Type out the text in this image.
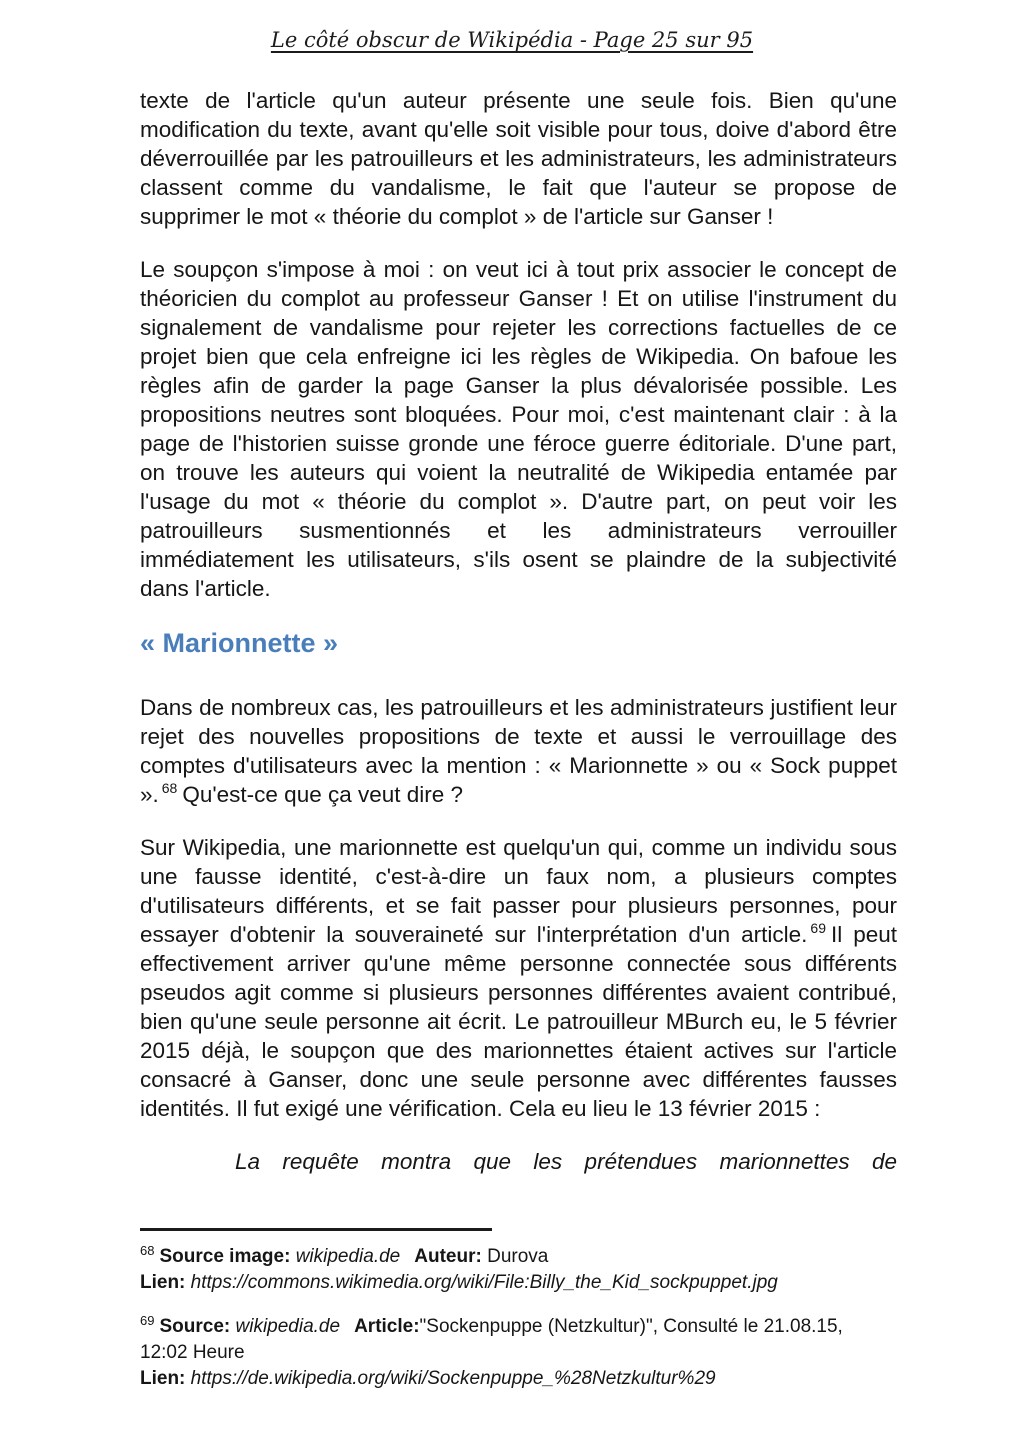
Le côté obscur de Wikipédia - Page 25 sur 95

texte de l'article qu'un auteur présente une seule fois. Bien qu'une modification du texte, avant qu'elle soit visible pour tous, doive d'abord être déverrouillée par les patrouilleurs et les administrateurs, les administrateurs classent comme du vandalisme, le fait que l'auteur se propose de supprimer le mot « théorie du complot » de l'article sur Ganser !

Le soupçon s'impose à moi : on veut ici à tout prix associer le concept de théoricien du complot au professeur Ganser ! Et on utilise l'instrument du signalement de vandalisme pour rejeter les corrections factuelles de ce projet bien que cela enfreigne ici les règles de Wikipedia. On bafoue les règles afin de garder la page Ganser la plus dévalorisée possible. Les propositions neutres sont bloquées. Pour moi, c'est maintenant clair : à la page de l'historien suisse gronde une féroce guerre éditoriale. D'une part, on trouve les auteurs qui voient la neutralité de Wikipedia entamée par l'usage du mot « théorie du complot ». D'autre part, on peut voir les patrouilleurs susmentionnés et les administrateurs verrouiller immédiatement les utilisateurs, s'ils osent se plaindre de la subjectivité dans l'article.

« Marionnette »

Dans de nombreux cas, les patrouilleurs et les administrateurs justifient leur rejet des nouvelles propositions de texte et aussi le verrouillage des comptes d'utilisateurs avec la mention : « Marionnette » ou « Sock puppet ». $^{68}$ Qu'est-ce que ça veut dire ?

Sur Wikipedia, une marionnette est quelqu'un qui, comme un individu sous une fausse identité, c'est-à-dire un faux nom, a plusieurs comptes d'utilisateurs différents, et se fait passer pour plusieurs personnes, pour essayer d'obtenir la souveraineté sur l'interprétation d'un article. $^{69}$ Il peut effectivement arriver qu'une même personne connectée sous différents pseudos agit comme si plusieurs personnes différentes avaient contribué, bien qu'une seule personne ait écrit. Le patrouilleur MBurch eu, le 5 février 2015 déjà, le soupçon que des marionnettes étaient actives sur l'article consacré à Ganser, donc une seule personne avec différentes fausses identités. Il fut exigé une vérification. Cela eu lieu le 13 février 2015 :

La requête montra que les prétendues marionnettes de

$^{68}$ Source image: wikipedia.de Auteur: Durova

Lien: https://commons.wikimedia.org/wiki/File:Billy_the_Kid_sockpuppet.jpg

$^{69}$ Source: wikipedia.de Article:"Sockenpuppe (Netzkultur)", Consulté le 21.08.15,

12:02 Heure

Lien: https://de.wikipedia.org/wiki/Sockenpuppe_%28Netzkultur%29
